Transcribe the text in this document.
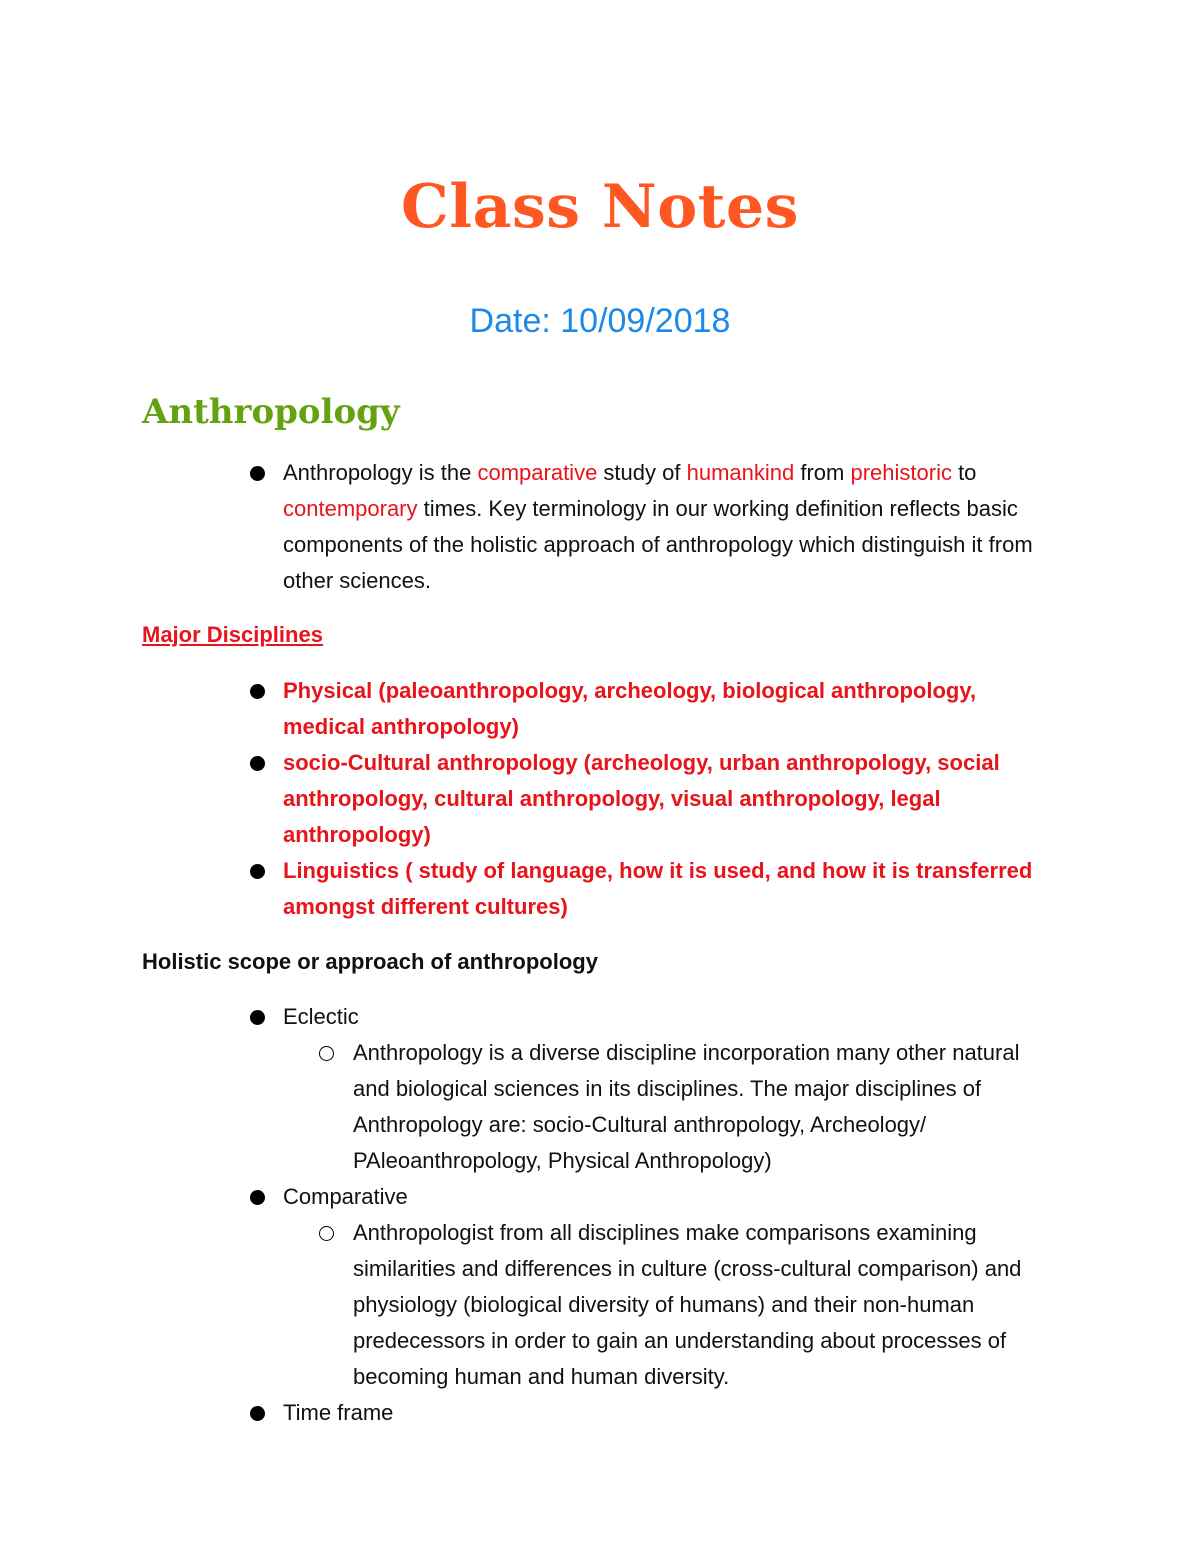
Class Notes
Date: 10/09/2018
Anthropology
Anthropology is the comparative study of humankind from prehistoric to contemporary times. Key terminology in our working definition reflects basic components of the holistic approach of anthropology which distinguish it from other sciences.
Major Disciplines
Physical (paleoanthropology, archeology, biological anthropology, medical anthropology)
socio-Cultural anthropology (archeology, urban anthropology, social anthropology, cultural anthropology, visual anthropology, legal anthropology)
Linguistics ( study of language, how it is used, and how it is transferred amongst different cultures)
Holistic scope or approach of anthropology
Eclectic
Anthropology is a diverse discipline incorporation many other natural and biological sciences in its disciplines. The major disciplines of Anthropology are: socio-Cultural anthropology, Archeology/ PAleoanthropology, Physical Anthropology)
Comparative
Anthropologist from all disciplines make comparisons examining similarities and differences in culture (cross-cultural comparison) and physiology (biological diversity of humans) and their non-human predecessors in order to gain an understanding about processes of becoming human and human diversity.
Time frame
